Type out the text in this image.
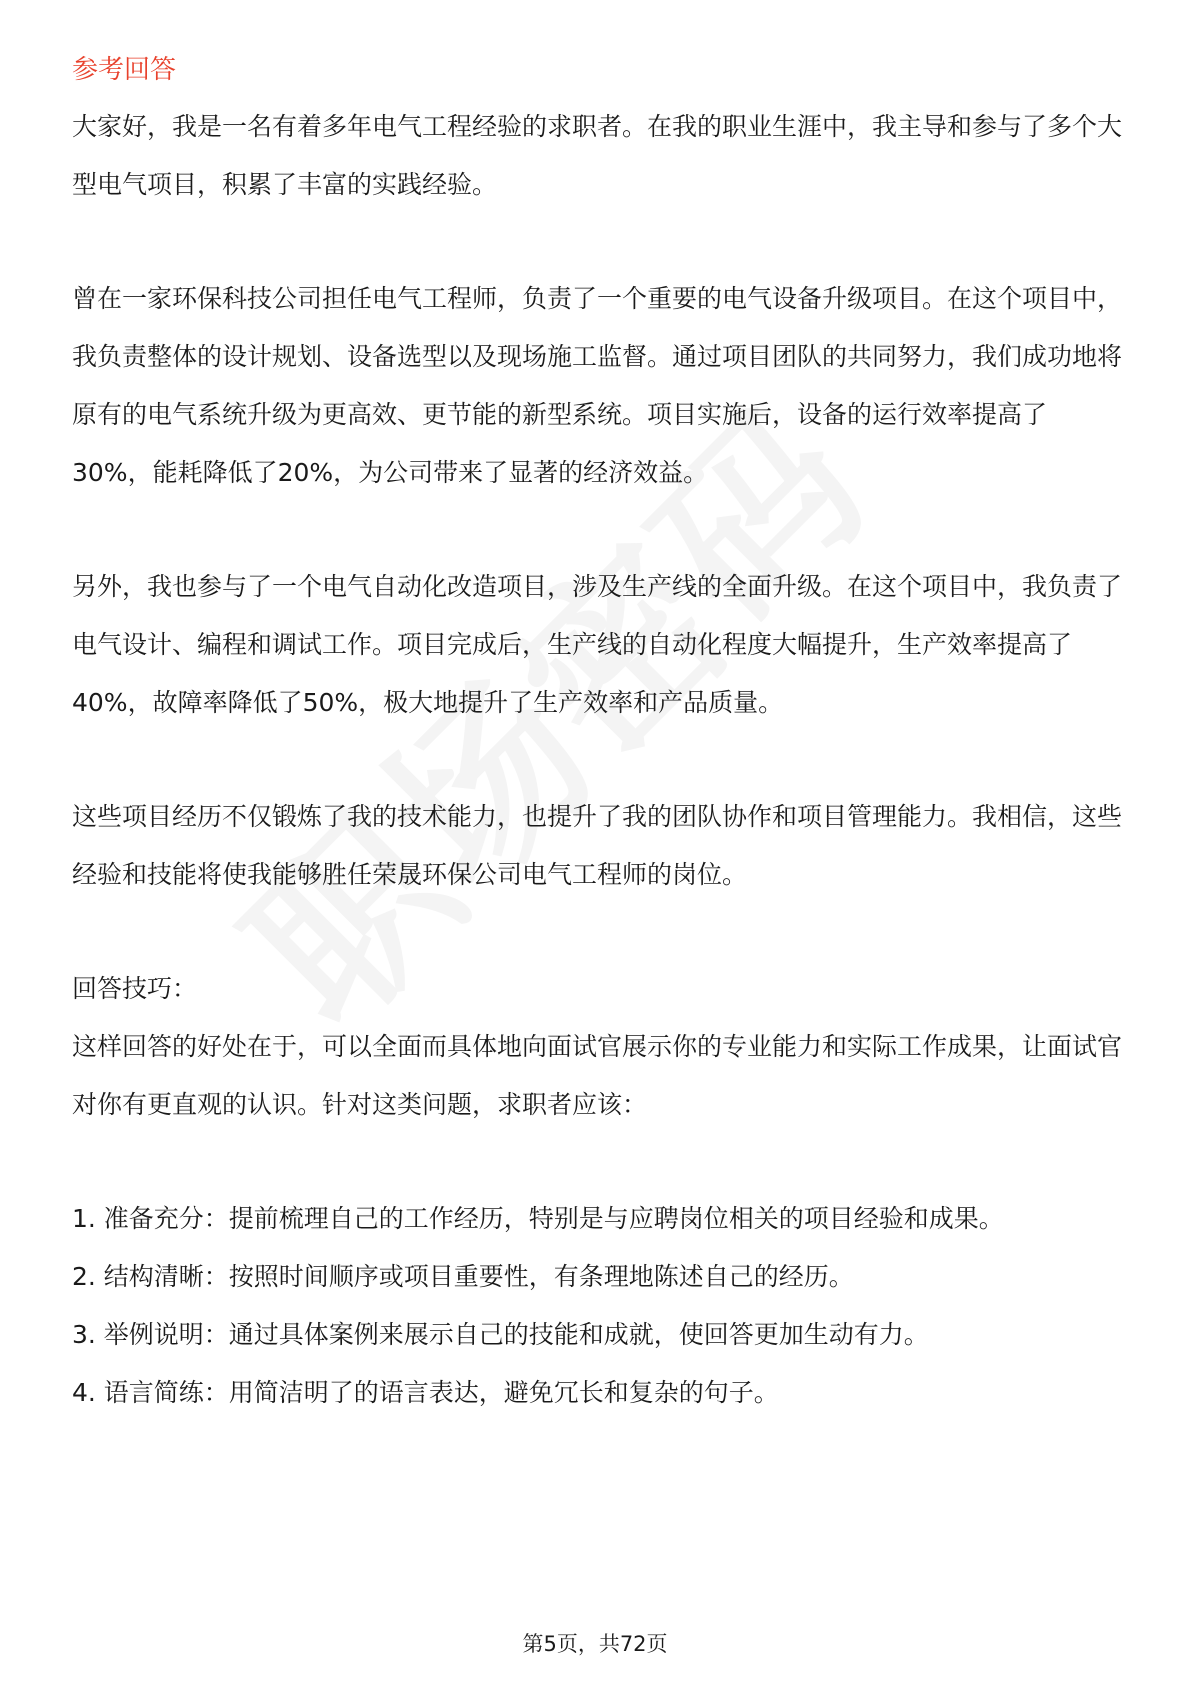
参考回答

大家好，我是一名有着多年电气工程经验的求职者。在我的职业生涯中，我主导和参与了多个大型电气项目，积累了丰富的实践经验。

曾在一家环保科技公司担任电气工程师，负责了一个重要的电气设备升级项目。在这个项目中，我负责整体的设计规划、设备选型以及现场施工监督。通过项目团队的共同努力，我们成功地将原有的电气系统升级为更高效、更节能的新型系统。项目实施后，设备的运行效率提高了30%，能耗降低了20%，为公司带来了显著的经济效益。

另外，我也参与了一个电气自动化改造项目，涉及生产线的全面升级。在这个项目中，我负责了电气设计、编程和调试工作。项目完成后，生产线的自动化程度大幅提升，生产效率提高了40%，故障率降低了50%，极大地提升了生产效率和产品质量。

这些项目经历不仅锻炼了我的技术能力，也提升了我的团队协作和项目管理能力。我相信，这些经验和技能将使我能够胜任荣晟环保公司电气工程师的岗位。

回答技巧：

这样回答的好处在于，可以全面而具体地向面试官展示你的专业能力和实际工作成果，让面试官对你有更直观的认识。针对这类问题，求职者应该：

1. 准备充分：提前梳理自己的工作经历，特别是与应聘岗位相关的项目经验和成果。
2. 结构清晰：按照时间顺序或项目重要性，有条理地陈述自己的经历。
3. 举例说明：通过具体案例来展示自己的技能和成就，使回答更加生动有力。
4. 语言简练：用简洁明了的语言表达，避免冗长和复杂的句子。
第5页，共72页
